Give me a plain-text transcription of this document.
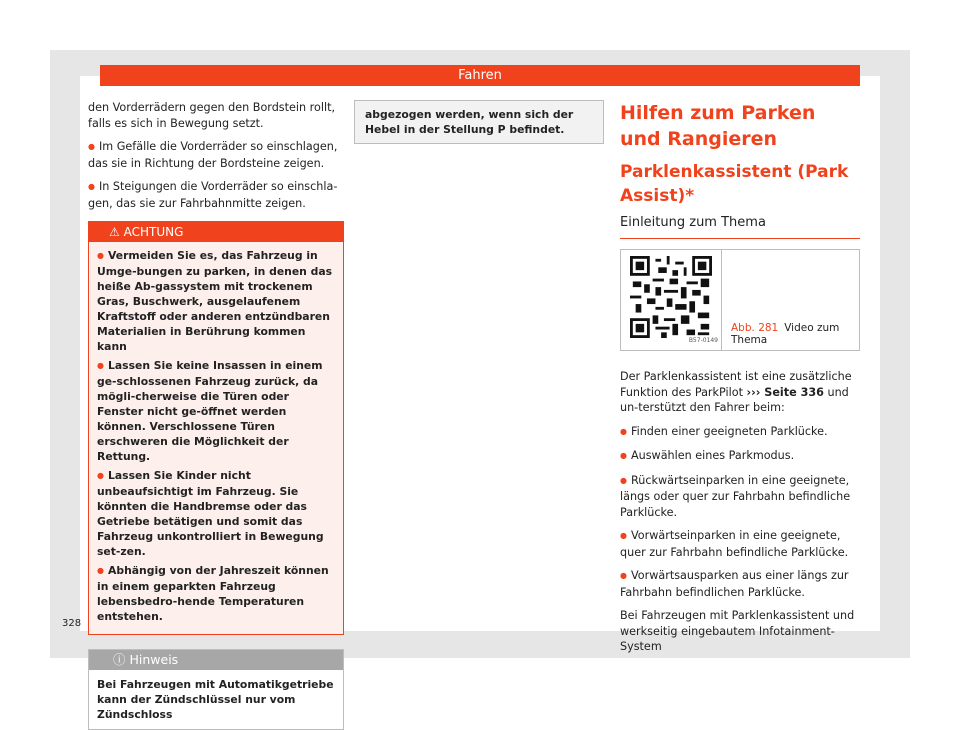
Fahren

den Vorderrädern gegen den Bordstein rollt, falls es sich in Bewegung setzt.

● Im Gefälle die Vorderräder so einschlagen, das sie in Richtung der Bordsteine zeigen.

● In Steigungen die Vorderräder so einschla-gen, das sie zur Fahrbahnmitte zeigen.

⚠ ACHTUNG

● Vermeiden Sie es, das Fahrzeug in Umge-bungen zu parken, in denen das heiße Ab-gassystem mit trockenem Gras, Buschwerk, ausgelaufenem Kraftstoff oder anderen entzündbaren Materialien in Berührung kommen kann

● Lassen Sie keine Insassen in einem ge-schlossenen Fahrzeug zurück, da mögli-cherweise die Türen oder Fenster nicht ge-öffnet werden können. Verschlossene Türen erschweren die Möglichkeit der Rettung.

● Lassen Sie Kinder nicht unbeaufsichtigt im Fahrzeug. Sie könnten die Handbremse oder das Getriebe betätigen und somit das Fahrzeug unkontrolliert in Bewegung set-zen.

● Abhängig von der Jahreszeit können in einem geparkten Fahrzeug lebensbedro-hende Temperaturen entstehen.

ⓘ Hinweis
Bei Fahrzeugen mit Automatikgetriebe kann der Zündschlüssel nur vom Zündschloss
abgezogen werden, wenn sich der Hebel in der Stellung P befindet.
Hilfen zum Parken und Rangieren
Parklenkassistent (Park Assist)*
Einleitung zum Thema
B57-0149
Abb. 281 Video zum Thema

Der Parklenkassistent ist eine zusätzliche Funktion des ParkPilot ››› Seite 336 und un-terstützt den Fahrer beim:

● Finden einer geeigneten Parklücke.

● Auswählen eines Parkmodus.

● Rückwärtseinparken in eine geeignete, längs oder quer zur Fahrbahn befindliche Parklücke.

● Vorwärtseinparken in eine geeignete, quer zur Fahrbahn befindliche Parklücke.

● Vorwärtsausparken aus einer längs zur Fahrbahn befindlichen Parklücke.

Bei Fahrzeugen mit Parklenkassistent und werkseitig eingebautem Infotainment-System

328
